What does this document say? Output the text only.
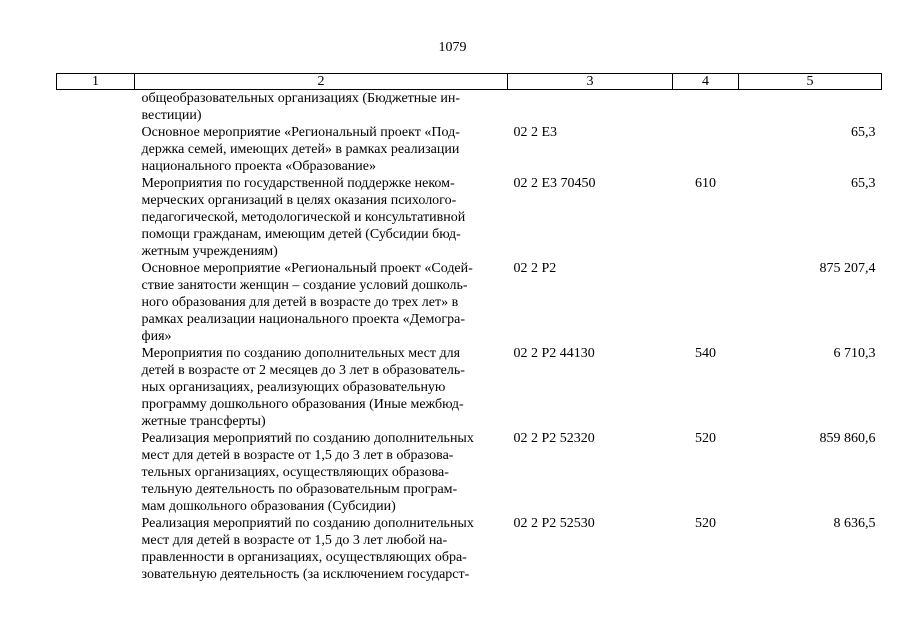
1079
1	2	3	4	5

	общеобразовательных организациях (Бюджетные ин-
вестиции)			

	Основное мероприятие «Региональный проект «Под-
держка семей, имеющих детей» в рамках реализации
национального проекта «Образование»	02 2 E3		65,3

	Мероприятия по государственной поддержке неком-
мерческих организаций в целях оказания психолого-
педагогической, методологической и консультативной
помощи гражданам, имеющим детей (Субсидии бюд-
жетным учреждениям)	02 2 E3 70450	610	65,3

	Основное мероприятие «Региональный проект «Содей-
ствие занятости женщин – создание условий дошколь-
ного образования для детей в возрасте до трех лет» в
рамках реализации национального проекта «Демогра-
фия»	02 2 P2		875 207,4

	Мероприятия по созданию дополнительных мест для
детей в возрасте от 2 месяцев до 3 лет в образователь-
ных организациях, реализующих образовательную
программу дошкольного образования (Иные межбюд-
жетные трансферты)	02 2 P2 44130	540	6 710,3

	Реализация мероприятий по созданию дополнительных
мест для детей в возрасте от 1,5 до 3 лет в образова-
тельных организациях, осуществляющих образова-
тельную деятельность по образовательным програм-
мам дошкольного образования (Субсидии)	02 2 P2 52320	520	859 860,6

	Реализация мероприятий по созданию дополнительных
мест для детей в возрасте от 1,5 до 3 лет любой на-
правленности в организациях, осуществляющих обра-
зовательную деятельность (за исключением государст-	02 2 P2 52530	520	8 636,5
